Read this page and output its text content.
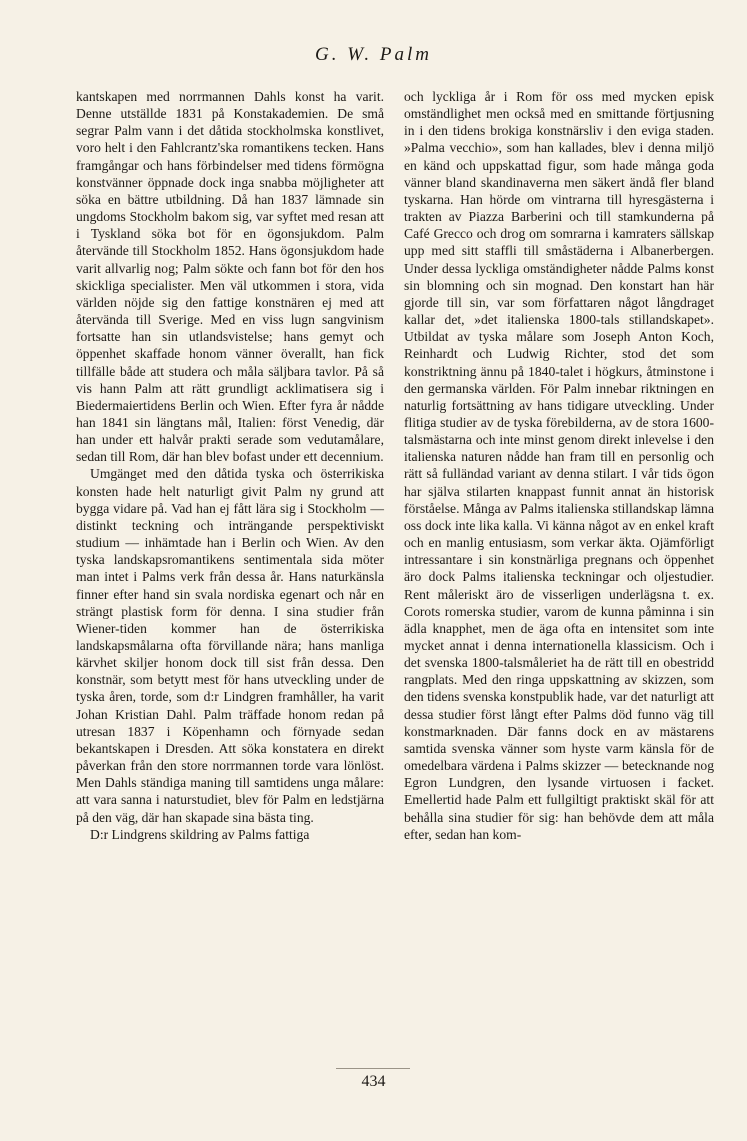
G. W. Palm

kantskapen med norrmannen Dahls konst ha varit. Denne utställde 1831 på Konstakademien. De små segrar Palm vann i det dåtida stockholmska konstlivet, voro helt i den Fahlcrantz'ska romantikens tecken. Hans framgångar och hans förbindelser med tidens förmögna konstvänner öppnade dock inga snabba möjligheter att söka en bättre utbildning. Då han 1837 lämnade sin ungdoms Stockholm bakom sig, var syftet med resan att i Tyskland söka bot för en ögonsjukdom. Palm återvände till Stockholm 1852. Hans ögonsjukdom hade varit allvarlig nog; Palm sökte och fann bot för den hos skickliga specialister. Men väl utkommen i stora, vida världen nöjde sig den fattige konstnären ej med att återvända till Sverige. Med en viss lugn sangvinism fortsatte han sin utlandsvistelse; hans gemyt och öppenhet skaffade honom vänner överallt, han fick tillfälle både att studera och måla säljbara tavlor. På så vis hann Palm att rätt grundligt acklimatisera sig i Biedermaiertidens Berlin och Wien. Efter fyra år nådde han 1841 sin längtans mål, Italien: först Venedig, där han under ett halvår prakti serade som vedutamålare, sedan till Rom, där han blev bofast under ett decennium.

Umgänget med den dåtida tyska och österrikiska konsten hade helt naturligt givit Palm ny grund att bygga vidare på. Vad han ej fått lära sig i Stockholm — distinkt teckning och inträngande perspektiviskt studium — inhämtade han i Berlin och Wien. Av den tyska landskapsromantikens sentimentala sida möter man intet i Palms verk från dessa år. Hans naturkänsla finner efter hand sin svala nordiska egenart och når en strängt plastisk form för denna. I sina studier från Wiener-tiden kommer han de österrikiska landskapsmålarna ofta förvillande nära; hans manliga kärvhet skiljer honom dock till sist från dessa. Den konstnär, som betytt mest för hans utveckling under de tyska åren, torde, som d:r Lindgren framhåller, ha varit Johan Kristian Dahl. Palm träffade honom redan på utresan 1837 i Köpenhamn och förnyade sedan bekantskapen i Dresden. Att söka konstatera en direkt påverkan från den store norrmannen torde vara lönlöst. Men Dahls ständiga maning till samtidens unga målare: att vara sanna i naturstudiet, blev för Palm en ledstjärna på den väg, där han skapade sina bästa ting.

D:r Lindgrens skildring av Palms fattiga

och lyckliga år i Rom för oss med mycken episk omständlighet men också med en smittande förtjusning in i den tidens brokiga konstnärsliv i den eviga staden. »Palma vecchio», som han kallades, blev i denna miljö en känd och uppskattad figur, som hade många goda vänner bland skandinaverna men säkert ändå fler bland tyskarna. Han hörde om vintrarna till hyresgästerna i trakten av Piazza Barberini och till stamkunderna på Café Grecco och drog om somrarna i kamraters sällskap upp med sitt staffli till småstäderna i Albanerbergen. Under dessa lyckliga omständigheter nådde Palms konst sin blomning och sin mognad. Den konstart han här gjorde till sin, var som författaren något långdraget kallar det, »det italienska 1800-tals stillandskapet». Utbildat av tyska målare som Joseph Anton Koch, Reinhardt och Ludwig Richter, stod det som konstriktning ännu på 1840-talet i högkurs, åtminstone i den germanska världen. För Palm innebar riktningen en naturlig fortsättning av hans tidigare utveckling. Under flitiga studier av de tyska förebilderna, av de stora 1600-talsmästarna och inte minst genom direkt inlevelse i den italienska naturen nådde han fram till en personlig och rätt så fulländad variant av denna stilart. I vår tids ögon har själva stilarten knappast funnit annat än historisk förståelse. Många av Palms italienska stillandskap lämna oss dock inte lika kalla. Vi känna något av en enkel kraft och en manlig entusiasm, som verkar äkta. Ojämförligt intressantare i sin konstnärliga pregnans och öppenhet äro dock Palms italienska teckningar och oljestudier. Rent måleriskt äro de visserligen underlägsna t. ex. Corots romerska studier, varom de kunna påminna i sin ädla knapphet, men de äga ofta en intensitet som inte mycket annat i denna internationella klassicism. Och i det svenska 1800-talsmåleriet ha de rätt till en obestridd rangplats. Med den ringa uppskattning av skizzen, som den tidens svenska konstpublik hade, var det naturligt att dessa studier först långt efter Palms död funno väg till konstmarknaden. Där fanns dock en av mästarens samtida svenska vänner som hyste varm känsla för de omedelbara värdena i Palms skizzer — betecknande nog Egron Lundgren, den lysande virtuosen i facket. Emellertid hade Palm ett fullgiltigt praktiskt skäl för att behålla sina studier för sig: han behövde dem att måla efter, sedan han kom-

434
